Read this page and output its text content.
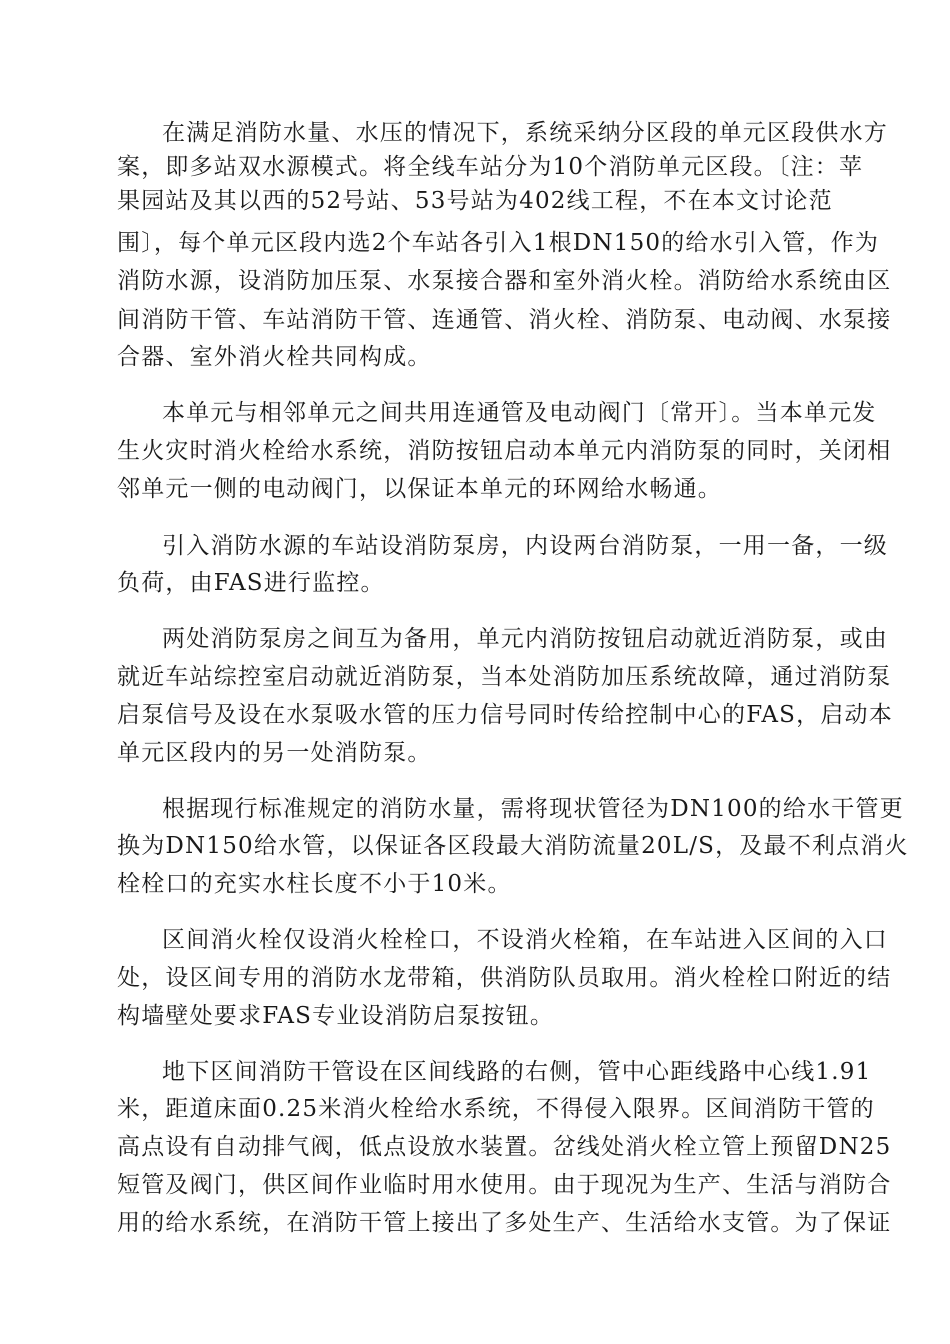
在满足消防水量、水压的情况下，系统采纳分区段的单元区段供水方

案，即多站双水源模式。将全线车站分为10个消防单元区段。〔注：苹

果园站及其以西的52号站、53号站为402线工程，不在本文讨论范

围〕，每个单元区段内选2个车站各引入1根DN150的给水引入管，作为

消防水源，设消防加压泵、水泵接合器和室外消火栓。消防给水系统由区

间消防干管、车站消防干管、连通管、消火栓、消防泵、电动阀、水泵接

合器、室外消火栓共同构成。

本单元与相邻单元之间共用连通管及电动阀门〔常开〕。当本单元发

生火灾时消火栓给水系统，消防按钮启动本单元内消防泵的同时，关闭相

邻单元一侧的电动阀门，以保证本单元的环网给水畅通。

引入消防水源的车站设消防泵房，内设两台消防泵，一用一备，一级

负荷，由FAS进行监控。

两处消防泵房之间互为备用，单元内消防按钮启动就近消防泵，或由

就近车站综控室启动就近消防泵，当本处消防加压系统故障，通过消防泵

启泵信号及设在水泵吸水管的压力信号同时传给控制中心的FAS，启动本

单元区段内的另一处消防泵。

根据现行标准规定的消防水量，需将现状管径为DN100的给水干管更

换为DN150给水管，以保证各区段最大消防流量20L/S，及最不利点消火

栓栓口的充实水柱长度不小于10米。

区间消火栓仅设消火栓栓口，不设消火栓箱，在车站进入区间的入口

处，设区间专用的消防水龙带箱，供消防队员取用。消火栓栓口附近的结

构墙壁处要求FAS专业设消防启泵按钮。

地下区间消防干管设在区间线路的右侧，管中心距线路中心线1.91

米，距道床面0.25米消火栓给水系统，不得侵入限界。区间消防干管的

高点设有自动排气阀，低点设放水装置。岔线处消火栓立管上预留DN25

短管及阀门，供区间作业临时用水使用。由于现况为生产、生活与消防合

用的给水系统，在消防干管上接出了多处生产、生活给水支管。为了保证
